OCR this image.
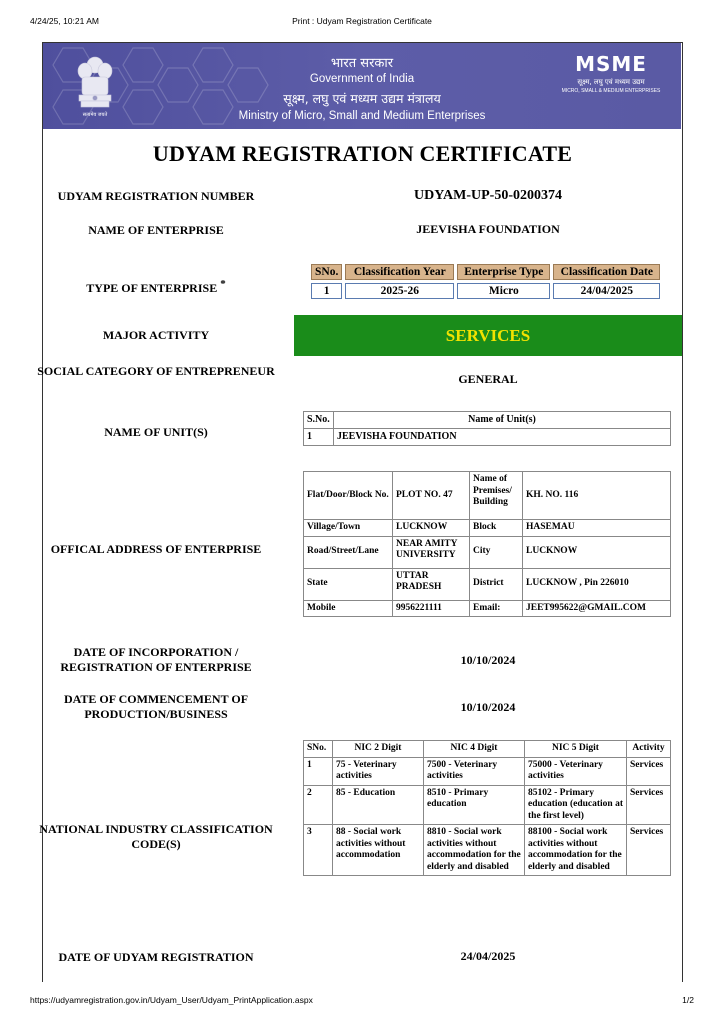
4/24/25, 10:21 AM	Print : Udyam Registration Certificate
सत्यमेव जयते
भारत सरकार
Government of India
सूक्ष्म, लघु एवं मध्यम उद्यम मंत्रालय
Ministry of Micro, Small and Medium Enterprises
MSME
सूक्ष्म, लघु एवं मध्यम उद्यम
MICRO, SMALL & MEDIUM ENTERPRISES
UDYAM REGISTRATION CERTIFICATE
UDYAM REGISTRATION NUMBER	UDYAM-UP-50-0200374
NAME OF ENTERPRISE	JEEVISHA FOUNDATION
TYPE OF ENTERPRISE *
SNo.	Classification Year	Enterprise Type	Classification Date
1	2025-26	Micro	24/04/2025
MAJOR ACTIVITY	SERVICES
SOCIAL CATEGORY OF ENTREPRENEUR
GENERAL
NAME OF UNIT(S)
S.No.	Name of Unit(s)
1	JEEVISHA FOUNDATION
OFFICAL ADDRESS OF ENTERPRISE
Flat/Door/Block No.	PLOT NO. 47	Name of Premises/ Building	KH. NO. 116
Village/Town	LUCKNOW	Block	HASEMAU
Road/Street/Lane	NEAR AMITY UNIVERSITY	City	LUCKNOW
State	UTTAR PRADESH	District	LUCKNOW , Pin 226010
Mobile	9956221111	Email:	JEET995622@GMAIL.COM
DATE OF INCORPORATION / REGISTRATION OF ENTERPRISE	10/10/2024
DATE OF COMMENCEMENT OF PRODUCTION/BUSINESS	10/10/2024
NATIONAL INDUSTRY CLASSIFICATION CODE(S)
SNo.	NIC 2 Digit	NIC 4 Digit	NIC 5 Digit	Activity
1	75 - Veterinary activities	7500 - Veterinary activities	75000 - Veterinary activities	Services
2	85 - Education	8510 - Primary education	85102 - Primary education (education at the first level)	Services
3	88 - Social work activities without accommodation	8810 - Social work activities without accommodation for the elderly and disabled	88100 - Social work activities without accommodation for the elderly and disabled	Services
DATE OF UDYAM REGISTRATION	24/04/2025
https://udyamregistration.gov.in/Udyam_User/Udyam_PrintApplication.aspx	1/2
